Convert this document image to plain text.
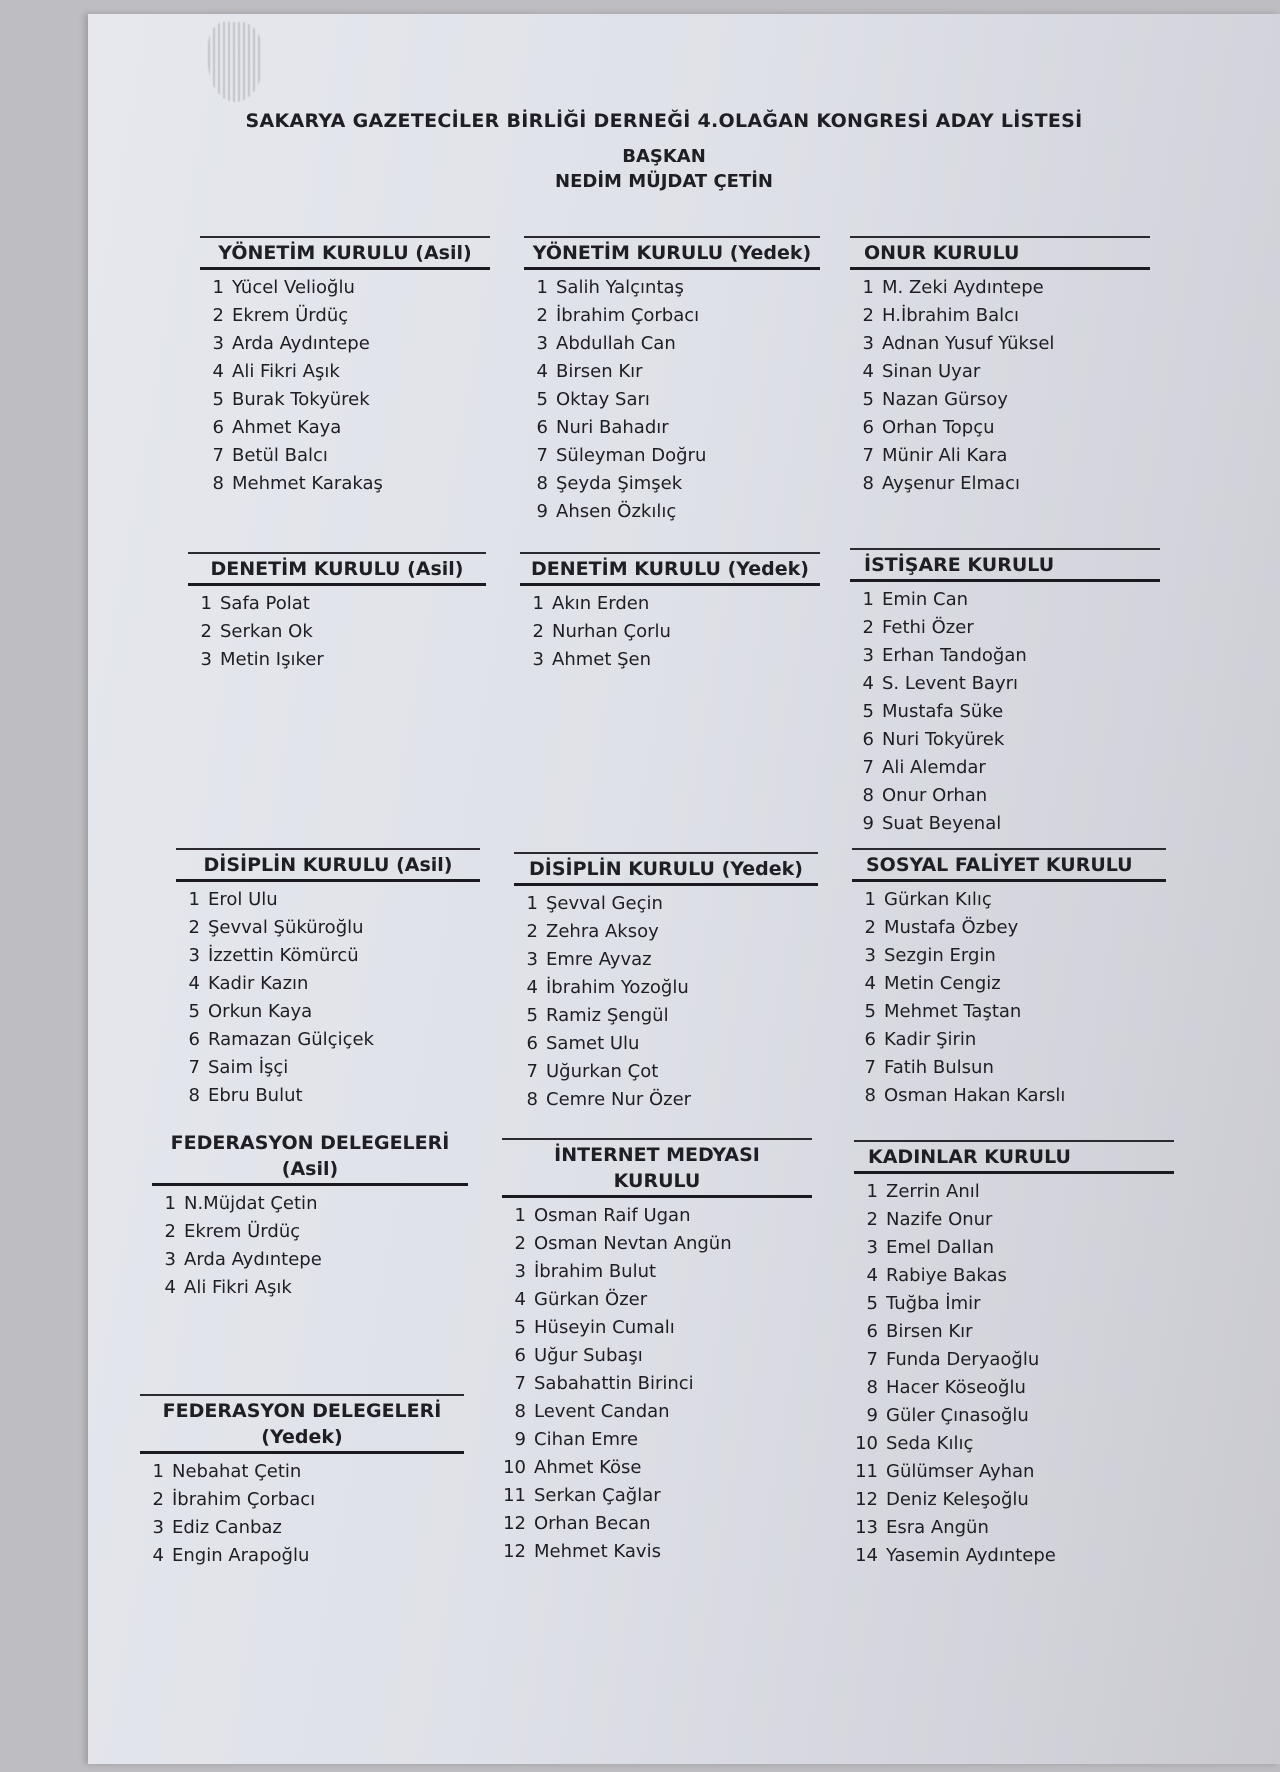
SAKARYA GAZETECİLER BİRLİĞİ DERNEĞİ 4.OLAĞAN KONGRESİ ADAY LİSTESİ
BAŞKAN
NEDİM MÜJDAT ÇETİN
YÖNETİM KURULU (Asil)
1 Yücel Velioğlu
2 Ekrem Ürdüç
3 Arda Aydıntepe
4 Ali Fikri Aşık
5 Burak Tokyürek
6 Ahmet Kaya
7 Betül Balcı
8 Mehmet Karakaş
YÖNETİM KURULU (Yedek)
1 Salih Yalçıntaş
2 İbrahim Çorbacı
3 Abdullah Can
4 Birsen Kır
5 Oktay Sarı
6 Nuri Bahadır
7 Süleyman Doğru
8 Şeyda Şimşek
9 Ahsen Özkılıç
ONUR KURULU
1 M. Zeki Aydıntepe
2 H.İbrahim Balcı
3 Adnan Yusuf Yüksel
4 Sinan Uyar
5 Nazan Gürsoy
6 Orhan Topçu
7 Münir Ali Kara
8 Ayşenur Elmacı
DENETİM KURULU (Asil)
1 Safa Polat
2 Serkan Ok
3 Metin Işıker
DENETİM KURULU (Yedek)
1 Akın Erden
2 Nurhan Çorlu
3 Ahmet Şen
İSTİŞARE KURULU
1 Emin Can
2 Fethi Özer
3 Erhan Tandoğan
4 S. Levent Bayrı
5 Mustafa Süke
6 Nuri Tokyürek
7 Ali Alemdar
8 Onur Orhan
9 Suat Beyenal
DİSİPLİN KURULU (Asil)
1 Erol Ulu
2 Şevval Şüküroğlu
3 İzzettin Kömürcü
4 Kadir Kazın
5 Orkun Kaya
6 Ramazan Gülçiçek
7 Saim İşçi
8 Ebru Bulut
DİSİPLİN KURULU (Yedek)
1 Şevval Geçin
2 Zehra Aksoy
3 Emre Ayvaz
4 İbrahim Yozoğlu
5 Ramiz Şengül
6 Samet Ulu
7 Uğurkan Çot
8 Cemre Nur Özer
SOSYAL FALİYET KURULU
1 Gürkan Kılıç
2 Mustafa Özbey
3 Sezgin Ergin
4 Metin Cengiz
5 Mehmet Taştan
6 Kadir Şirin
7 Fatih Bulsun
8 Osman Hakan Karslı
FEDERASYON DELEGELERİ
(Asil)
1 N.Müjdat Çetin
2 Ekrem Ürdüç
3 Arda Aydıntepe
4 Ali Fikri Aşık
İNTERNET MEDYASI
KURULU
1 Osman Raif Ugan
2 Osman Nevtan Angün
3 İbrahim Bulut
4 Gürkan Özer
5 Hüseyin Cumalı
6 Uğur Subaşı
7 Sabahattin Birinci
8 Levent Candan
9 Cihan Emre
10 Ahmet Köse
11 Serkan Çağlar
12 Orhan Becan
12 Mehmet Kavis
KADINLAR KURULU
1 Zerrin Anıl
2 Nazife Onur
3 Emel Dallan
4 Rabiye Bakas
5 Tuğba İmir
6 Birsen Kır
7 Funda Deryaoğlu
8 Hacer Köseoğlu
9 Güler Çınasoğlu
10 Seda Kılıç
11 Gülümser Ayhan
12 Deniz Keleşoğlu
13 Esra Angün
14 Yasemin Aydıntepe
FEDERASYON DELEGELERİ
(Yedek)
1 Nebahat Çetin
2 İbrahim Çorbacı
3 Ediz Canbaz
4 Engin Arapoğlu
